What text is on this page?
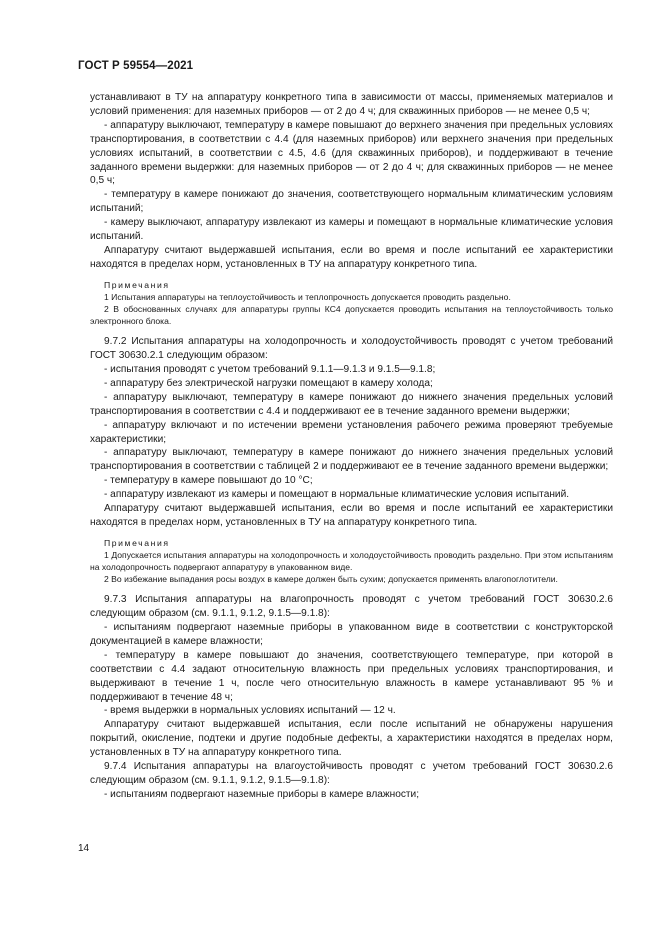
ГОСТ Р 59554—2021

устанавливают в ТУ на аппаратуру конкретного типа в зависимости от массы, применяемых материалов и условий применения: для наземных приборов — от 2 до 4 ч; для скважинных приборов — не менее 0,5 ч;

- аппаратуру выключают, температуру в камере повышают до верхнего значения при предельных условиях транспортирования, в соответствии с 4.4 (для наземных приборов) или верхнего значения при предельных условиях испытаний, в соответствии с 4.5, 4.6 (для скважинных приборов), и поддерживают в течение заданного времени выдержки: для наземных приборов — от 2 до 4 ч; для скважинных приборов — не менее 0,5 ч;

- температуру в камере понижают до значения, соответствующего нормальным климатическим условиям испытаний;

- камеру выключают, аппаратуру извлекают из камеры и помещают в нормальные климатические условия испытаний.

Аппаратуру считают выдержавшей испытания, если во время и после испытаний ее характеристики находятся в пределах норм, установленных в ТУ на аппаратуру конкретного типа.

Примечания

1 Испытания аппаратуры на теплоустойчивость и теплопрочность допускается проводить раздельно.

2 В обоснованных случаях для аппаратуры группы КС4 допускается проводить испытания на теплоустойчивость только электронного блока.

9.7.2 Испытания аппаратуры на холодопрочность и холодоустойчивость проводят с учетом требований ГОСТ 30630.2.1 следующим образом:

- испытания проводят с учетом требований 9.1.1—9.1.3 и 9.1.5—9.1.8;

- аппаратуру без электрической нагрузки помещают в камеру холода;

- аппаратуру выключают, температуру в камере понижают до нижнего значения предельных условий транспортирования в соответствии с 4.4 и поддерживают ее в течение заданного времени выдержки;

- аппаратуру включают и по истечении времени установления рабочего режима проверяют требуемые характеристики;

- аппаратуру выключают, температуру в камере понижают до нижнего значения предельных условий транспортирования в соответствии с таблицей 2 и поддерживают ее в течение заданного времени выдержки;

- температуру в камере повышают до 10 °С;

- аппаратуру извлекают из камеры и помещают в нормальные климатические условия испытаний.

Аппаратуру считают выдержавшей испытания, если во время и после испытаний ее характеристики находятся в пределах норм, установленных в ТУ на аппаратуру конкретного типа.

Примечания

1 Допускается испытания аппаратуры на холодопрочность и холодоустойчивость проводить раздельно. При этом испытаниям на холодопрочность подвергают аппаратуру в упакованном виде.

2 Во избежание выпадания росы воздух в камере должен быть сухим; допускается применять влагопоглотители.

9.7.3 Испытания аппаратуры на влагопрочность проводят с учетом требований ГОСТ 30630.2.6 следующим образом (см. 9.1.1, 9.1.2, 9.1.5—9.1.8):

- испытаниям подвергают наземные приборы в упакованном виде в соответствии с конструкторской документацией в камере влажности;

- температуру в камере повышают до значения, соответствующего температуре, при которой в соответствии с 4.4 задают относительную влажность при предельных условиях транспортирования, и выдерживают в течение 1 ч, после чего относительную влажность в камере устанавливают 95 % и поддерживают в течение 48 ч;

- время выдержки в нормальных условиях испытаний — 12 ч.

Аппаратуру считают выдержавшей испытания, если после испытаний не обнаружены нарушения покрытий, окисление, подтеки и другие подобные дефекты, а характеристики находятся в пределах норм, установленных в ТУ на аппаратуру конкретного типа.

9.7.4 Испытания аппаратуры на влагоустойчивость проводят с учетом требований ГОСТ 30630.2.6 следующим образом (см. 9.1.1, 9.1.2, 9.1.5—9.1.8):

- испытаниям подвергают наземные приборы в камере влажности;

14
